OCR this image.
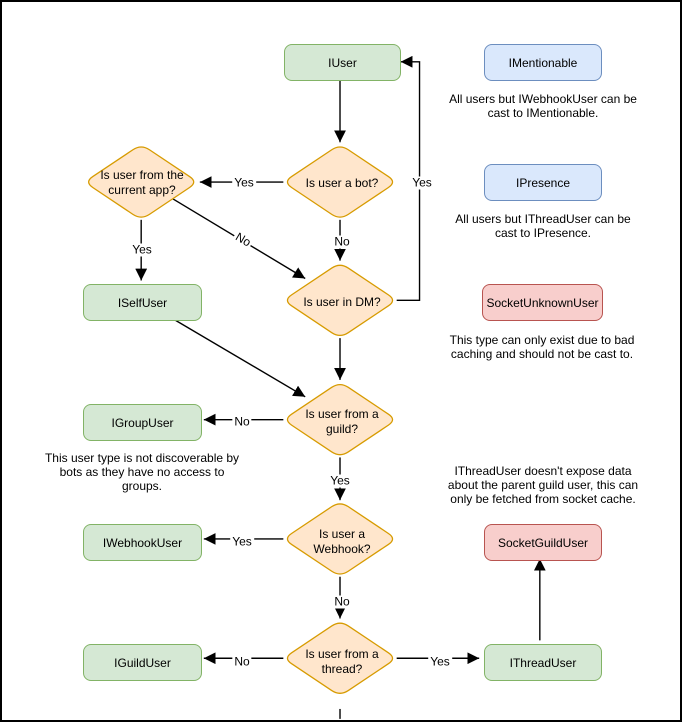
IUser	IMentionable
IPresence
SocketUnknownUser
ISelfUser
IGroupUser
IWebhookUser
IGuildUser
SocketGuildUser
IThreadUser
Is user a bot?
Is user from the
current app?
Is user in DM?
Is user from a
guild?
Is user a
Webhook?
Is user from a
thread?
Yes	Yes
No
No
Yes
No
Yes
Yes
No
No	Yes
All users but IWebhookUser can be
cast to IMentionable.
All users but IThreadUser can be
cast to IPresence.
This type can only exist due to bad
caching and should not be cast to.
This user type is not discoverable by
bots as they have no access to
groups.
IThreadUser doesn't expose data
about the parent guild user, this can
only be fetched from socket cache.
